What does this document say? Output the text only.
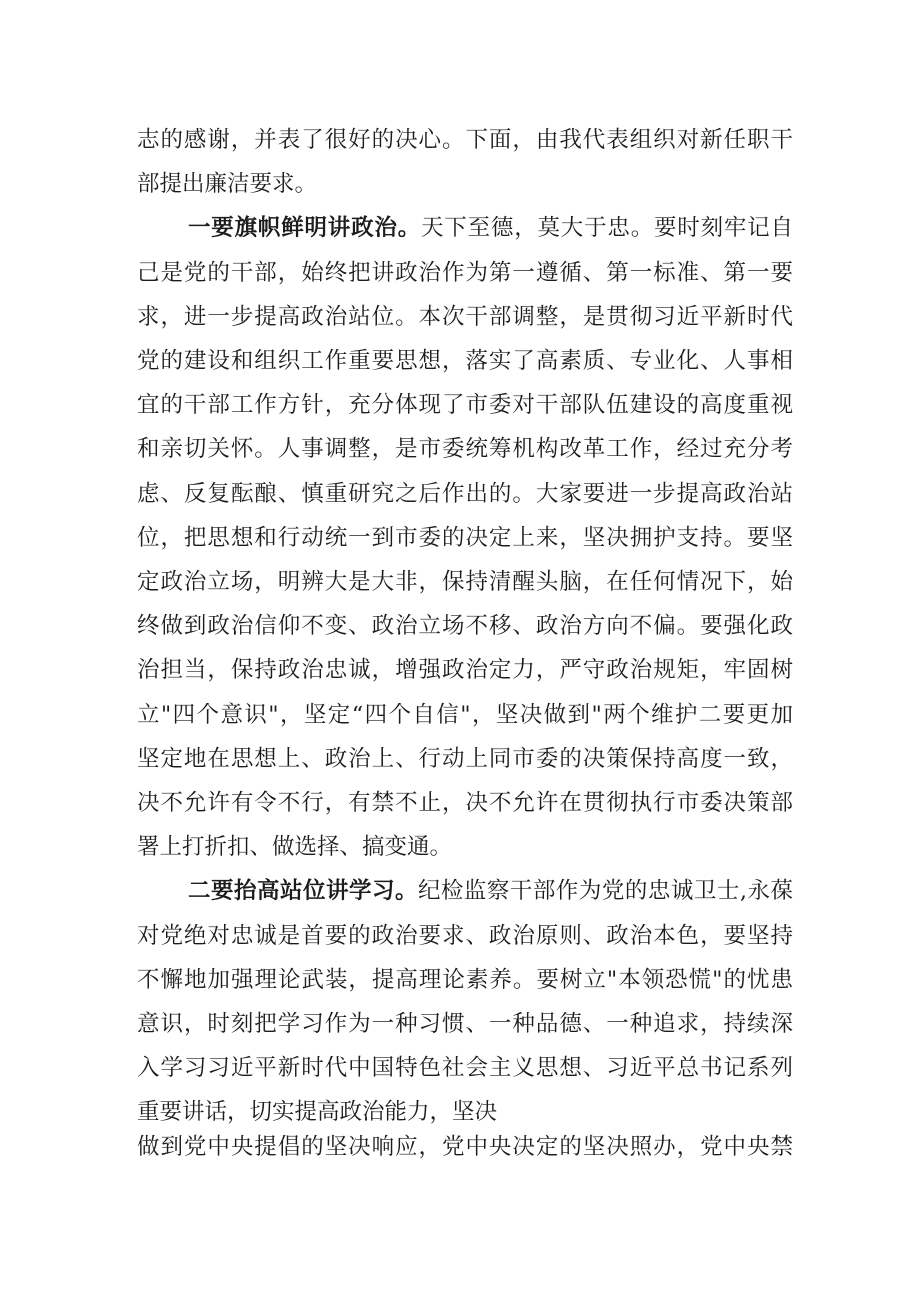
志的感谢，并表了很好的决心。下面，由我代表组织对新任职干
部提出廉洁要求。
一要旗帜鲜明讲政治。天下至德，莫大于忠。要时刻牢记自
己是党的干部，始终把讲政治作为第一遵循、第一标准、第一要
求，进一步提高政治站位。本次干部调整，是贯彻习近平新时代
党的建设和组织工作重要思想，落实了高素质、专业化、人事相
宜的干部工作方针，充分体现了市委对干部队伍建设的高度重视
和亲切关怀。人事调整，是市委统筹机构改革工作，经过充分考
虑、反复酝酿、慎重研究之后作出的。大家要进一步提高政治站
位，把思想和行动统一到市委的决定上来，坚决拥护支持。要坚
定政治立场，明辨大是大非，保持清醒头脑，在任何情况下，始
终做到政治信仰不变、政治立场不移、政治方向不偏。要强化政
治担当，保持政治忠诚，增强政治定力，严守政治规矩，牢固树
立"四个意识"，坚定“四个自信"，坚决做到"两个维护二要更加
坚定地在思想上、政治上、行动上同市委的决策保持高度一致，
决不允许有令不行，有禁不止，决不允许在贯彻执行市委决策部
署上打折扣、做选择、搞变通。
二要抬高站位讲学习。纪检监察干部作为党的忠诚卫士,永葆
对党绝对忠诚是首要的政治要求、政治原则、政治本色，要坚持
不懈地加强理论武装，提高理论素养。要树立"本领恐慌"的忧患
意识，时刻把学习作为一种习惯、一种品德、一种追求，持续深
入学习习近平新时代中国特色社会主义思想、习近平总书记系列
重要讲话，切实提高政治能力，坚决
做到党中央提倡的坚决响应，党中央决定的坚决照办，党中央禁
